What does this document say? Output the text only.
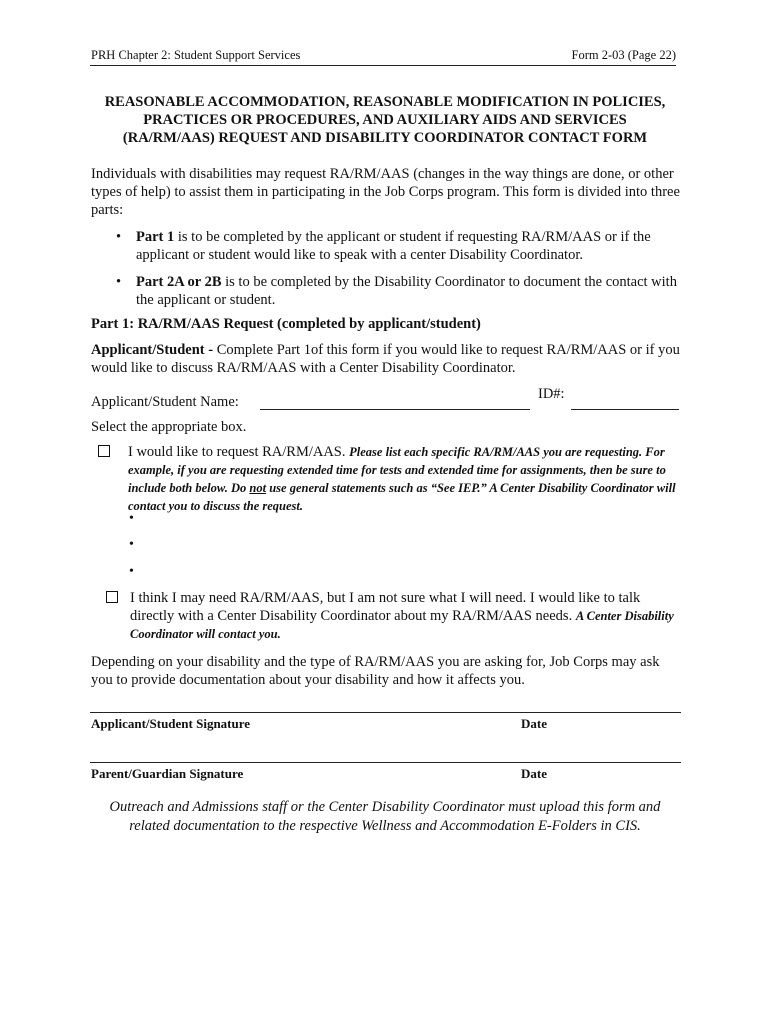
PRH Chapter 2: Student Support Services	Form 2-03 (Page 22)
REASONABLE ACCOMMODATION, REASONABLE MODIFICATION IN POLICIES,
PRACTICES OR PROCEDURES, AND AUXILIARY AIDS AND SERVICES
(RA/RM/AAS) REQUEST AND DISABILITY COORDINATOR CONTACT FORM
Individuals with disabilities may request RA/RM/AAS (changes in the way things are done, or other types of help) to assist them in participating in the Job Corps program. This form is divided into three parts:
• Part 1 is to be completed by the applicant or student if requesting RA/RM/AAS or if the applicant or student would like to speak with a center Disability Coordinator.
• Part 2A or 2B is to be completed by the Disability Coordinator to document the contact with the applicant or student.
Part 1: RA/RM/AAS Request (completed by applicant/student)
Applicant/Student - Complete Part 1of this form if you would like to request RA/RM/AAS or if you would like to discuss RA/RM/AAS with a Center Disability Coordinator.
Applicant/Student Name:	ID#:
Select the appropriate box.
I would like to request RA/RM/AAS. Please list each specific RA/RM/AAS you are requesting. For example, if you are requesting extended time for tests and extended time for assignments, then be sure to include both below. Do not use general statements such as “See IEP.” A Center Disability Coordinator will contact you to discuss the request.
•
•
•
I think I may need RA/RM/AAS, but I am not sure what I will need. I would like to talk directly with a Center Disability Coordinator about my RA/RM/AAS needs. A Center Disability Coordinator will contact you.
Depending on your disability and the type of RA/RM/AAS you are asking for, Job Corps may ask you to provide documentation about your disability and how it affects you.
Applicant/Student Signature	Date
Parent/Guardian Signature	Date
Outreach and Admissions staff or the Center Disability Coordinator must upload this form and related documentation to the respective Wellness and Accommodation E-Folders in CIS.
